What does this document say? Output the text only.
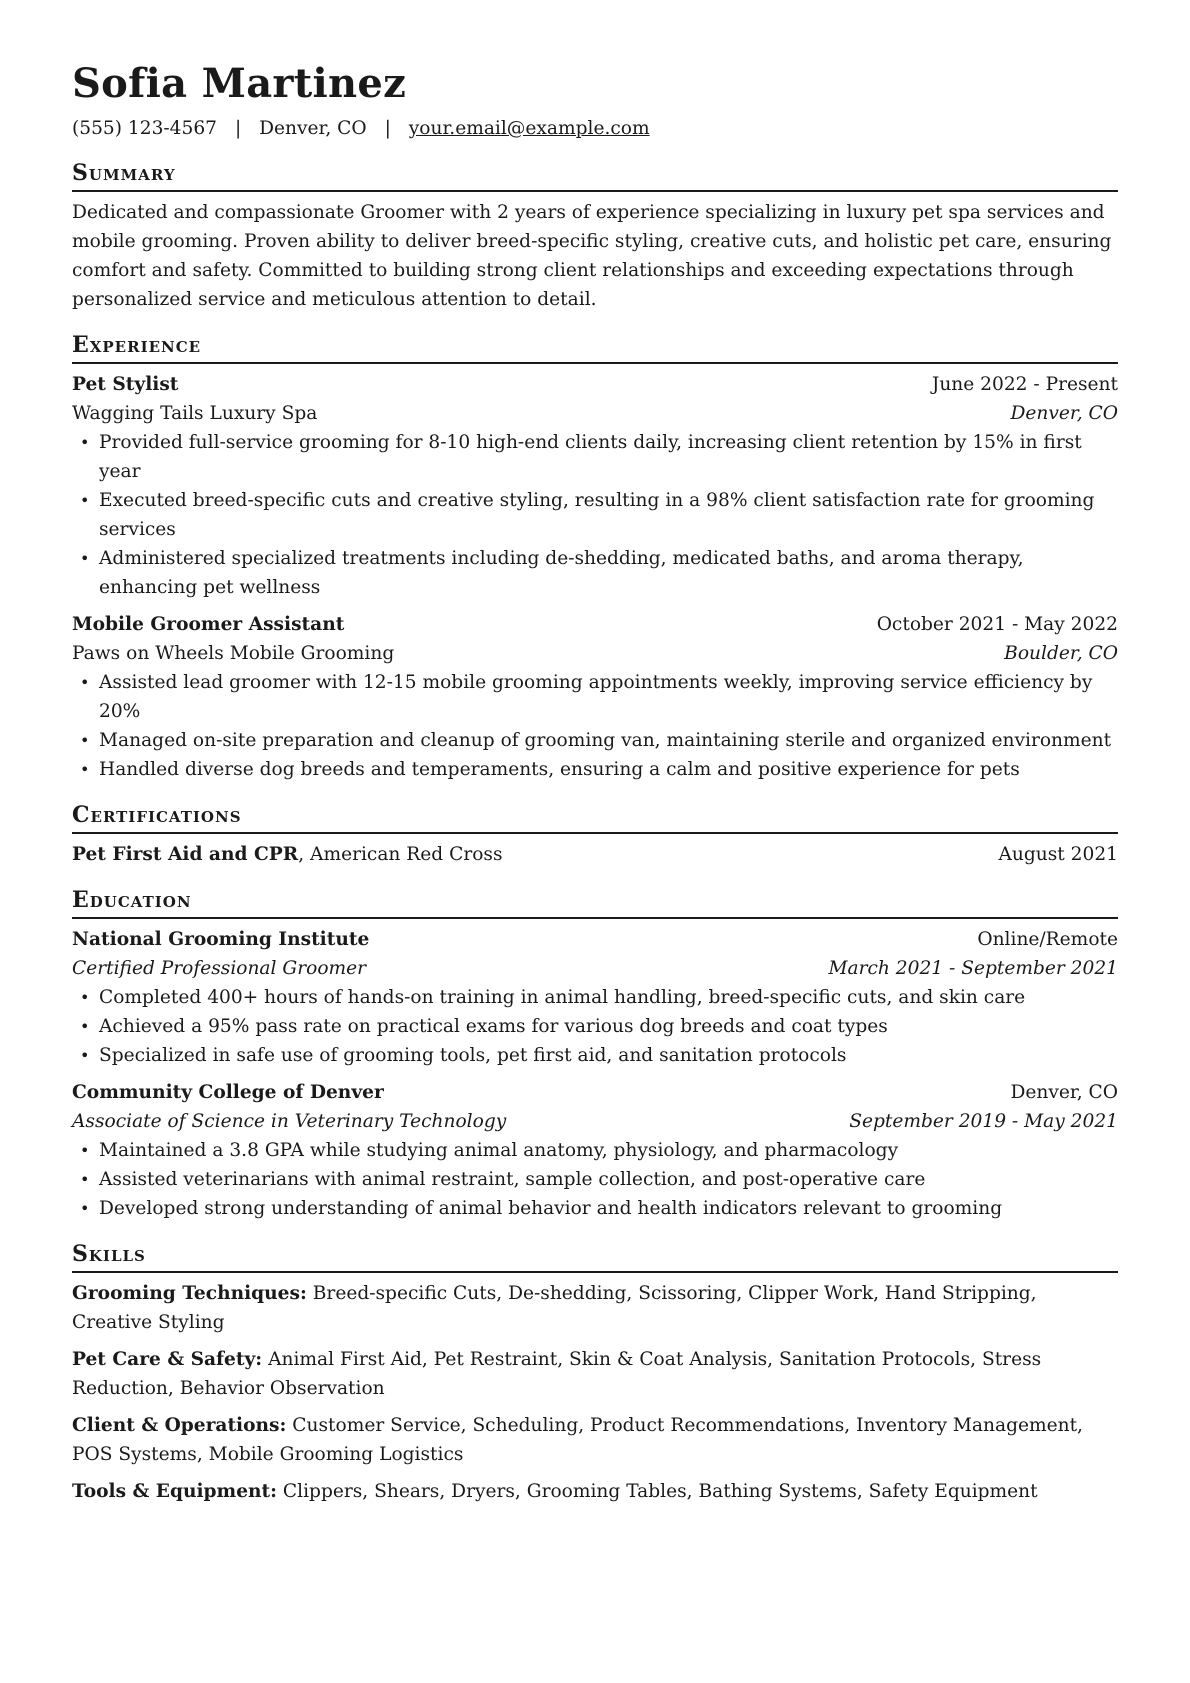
Sofia Martinez
(555) 123-4567 | Denver, CO | your.email@example.com
Summary
Dedicated and compassionate Groomer with 2 years of experience specializing in luxury pet spa services and mobile grooming. Proven ability to deliver breed-specific styling, creative cuts, and holistic pet care, ensuring comfort and safety. Committed to building strong client relationships and exceeding expectations through personalized service and meticulous attention to detail.
Experience
Pet Stylist	June 2022 - Present
Wagging Tails Luxury Spa	Denver, CO
• Provided full-service grooming for 8-10 high-end clients daily, increasing client retention by 15% in first year
• Executed breed-specific cuts and creative styling, resulting in a 98% client satisfaction rate for grooming services
• Administered specialized treatments including de-shedding, medicated baths, and aroma therapy, enhancing pet wellness
Mobile Groomer Assistant	October 2021 - May 2022
Paws on Wheels Mobile Grooming	Boulder, CO
• Assisted lead groomer with 12-15 mobile grooming appointments weekly, improving service efficiency by 20%
• Managed on-site preparation and cleanup of grooming van, maintaining sterile and organized environment
• Handled diverse dog breeds and temperaments, ensuring a calm and positive experience for pets
Certifications
Pet First Aid and CPR, American Red Cross	August 2021
Education
National Grooming Institute	Online/Remote
Certified Professional Groomer	March 2021 - September 2021
• Completed 400+ hours of hands-on training in animal handling, breed-specific cuts, and skin care
• Achieved a 95% pass rate on practical exams for various dog breeds and coat types
• Specialized in safe use of grooming tools, pet first aid, and sanitation protocols
Community College of Denver	Denver, CO
Associate of Science in Veterinary Technology	September 2019 - May 2021
• Maintained a 3.8 GPA while studying animal anatomy, physiology, and pharmacology
• Assisted veterinarians with animal restraint, sample collection, and post-operative care
• Developed strong understanding of animal behavior and health indicators relevant to grooming
Skills
Grooming Techniques: Breed-specific Cuts, De-shedding, Scissoring, Clipper Work, Hand Stripping, Creative Styling
Pet Care & Safety: Animal First Aid, Pet Restraint, Skin & Coat Analysis, Sanitation Protocols, Stress Reduction, Behavior Observation
Client & Operations: Customer Service, Scheduling, Product Recommendations, Inventory Management, POS Systems, Mobile Grooming Logistics
Tools & Equipment: Clippers, Shears, Dryers, Grooming Tables, Bathing Systems, Safety Equipment
